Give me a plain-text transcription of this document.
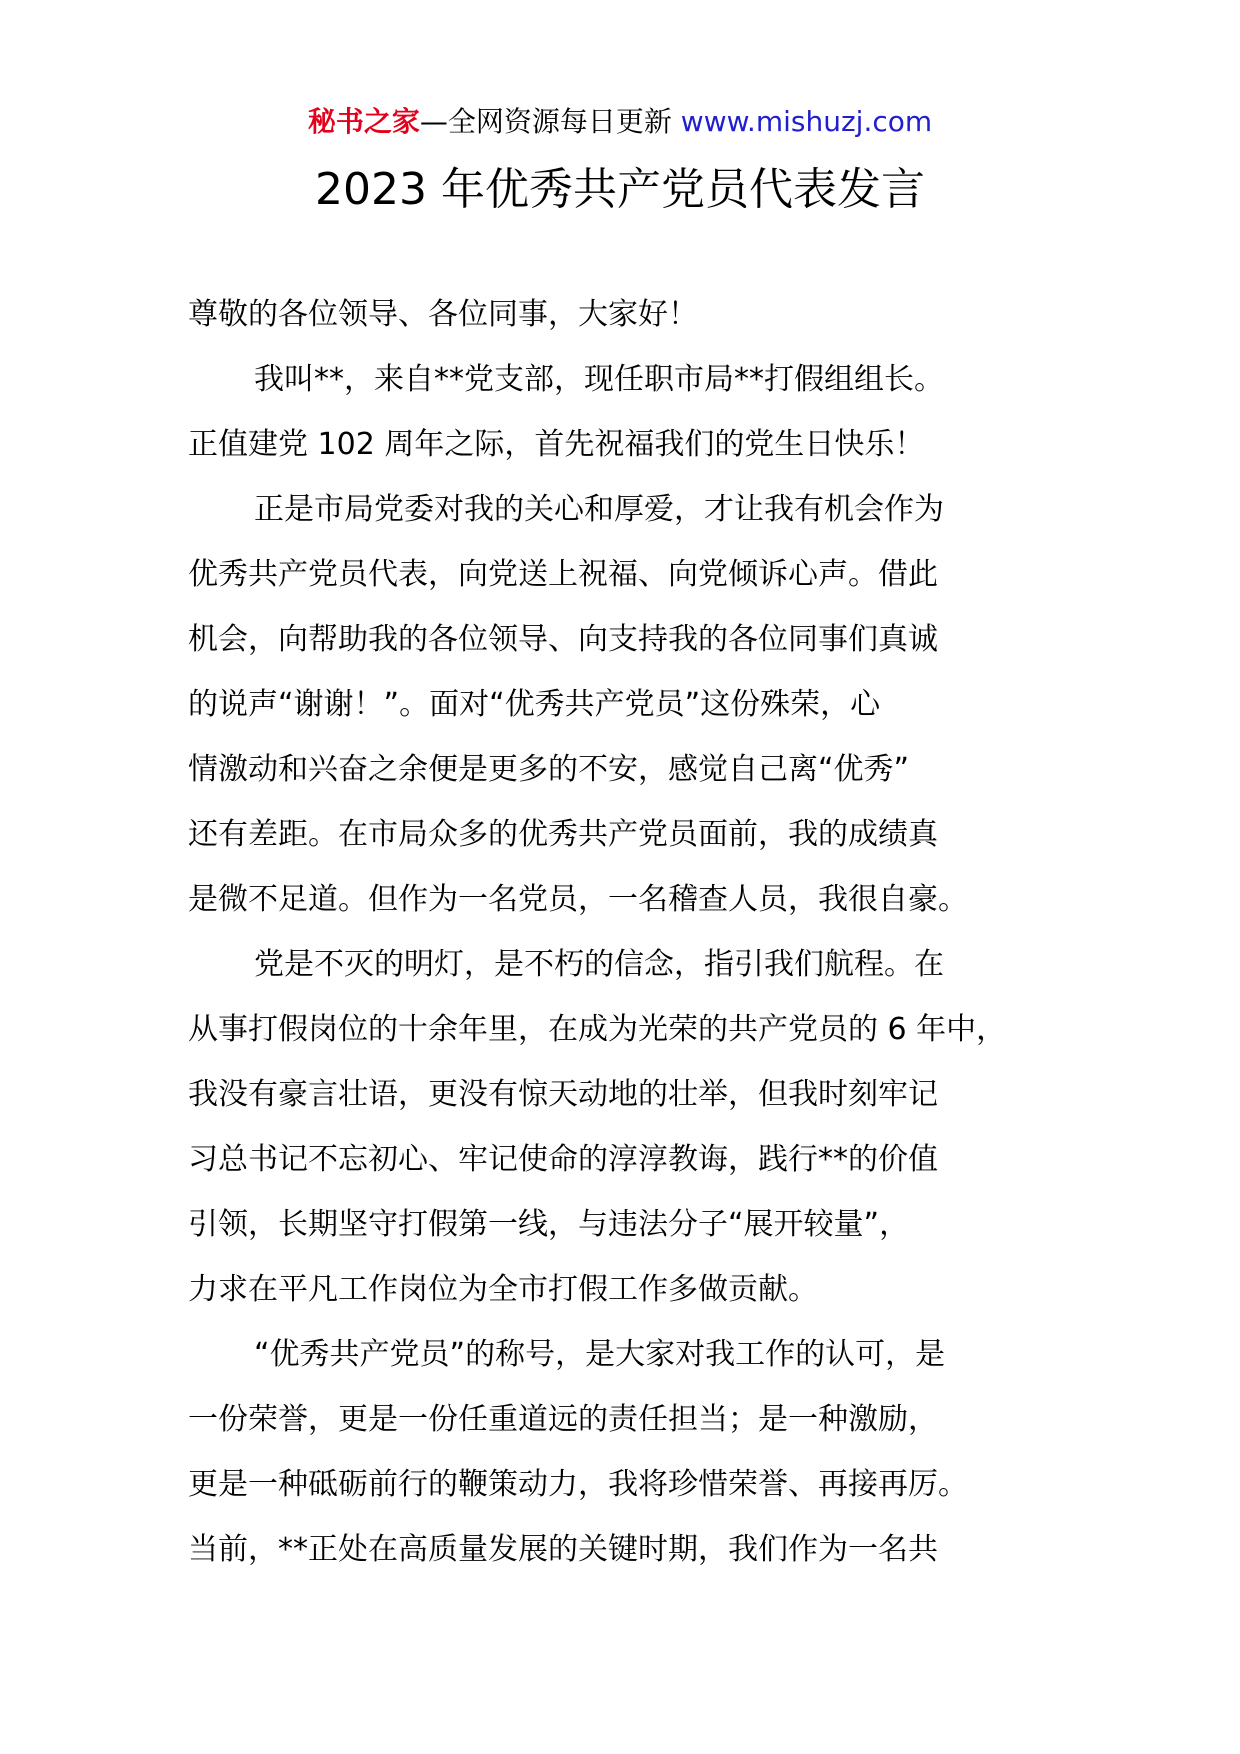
秘书之家—全网资源每日更新 www.mishuzj.com
2023 年优秀共产党员代表发言
尊敬的各位领导、各位同事，大家好！
我叫**，来自**党支部，现任职市局**打假组组长。
正值建党 102 周年之际，首先祝福我们的党生日快乐！
正是市局党委对我的关心和厚爱，才让我有机会作为
优秀共产党员代表，向党送上祝福、向党倾诉心声。借此
机会，向帮助我的各位领导、向支持我的各位同事们真诚
的说声“谢谢！”。面对“优秀共产党员”这份殊荣，心
情激动和兴奋之余便是更多的不安，感觉自己离“优秀”
还有差距。在市局众多的优秀共产党员面前，我的成绩真
是微不足道。但作为一名党员，一名稽查人员，我很自豪。
党是不灭的明灯，是不朽的信念，指引我们航程。在
从事打假岗位的十余年里，在成为光荣的共产党员的 6 年中，
我没有豪言壮语，更没有惊天动地的壮举，但我时刻牢记
习总书记不忘初心、牢记使命的淳淳教诲，践行**的价值
引领，长期坚守打假第一线，与违法分子“展开较量”，
力求在平凡工作岗位为全市打假工作多做贡献。
“优秀共产党员”的称号，是大家对我工作的认可，是
一份荣誉，更是一份任重道远的责任担当；是一种激励，
更是一种砥砺前行的鞭策动力，我将珍惜荣誉、再接再厉。
当前，**正处在高质量发展的关键时期，我们作为一名共
